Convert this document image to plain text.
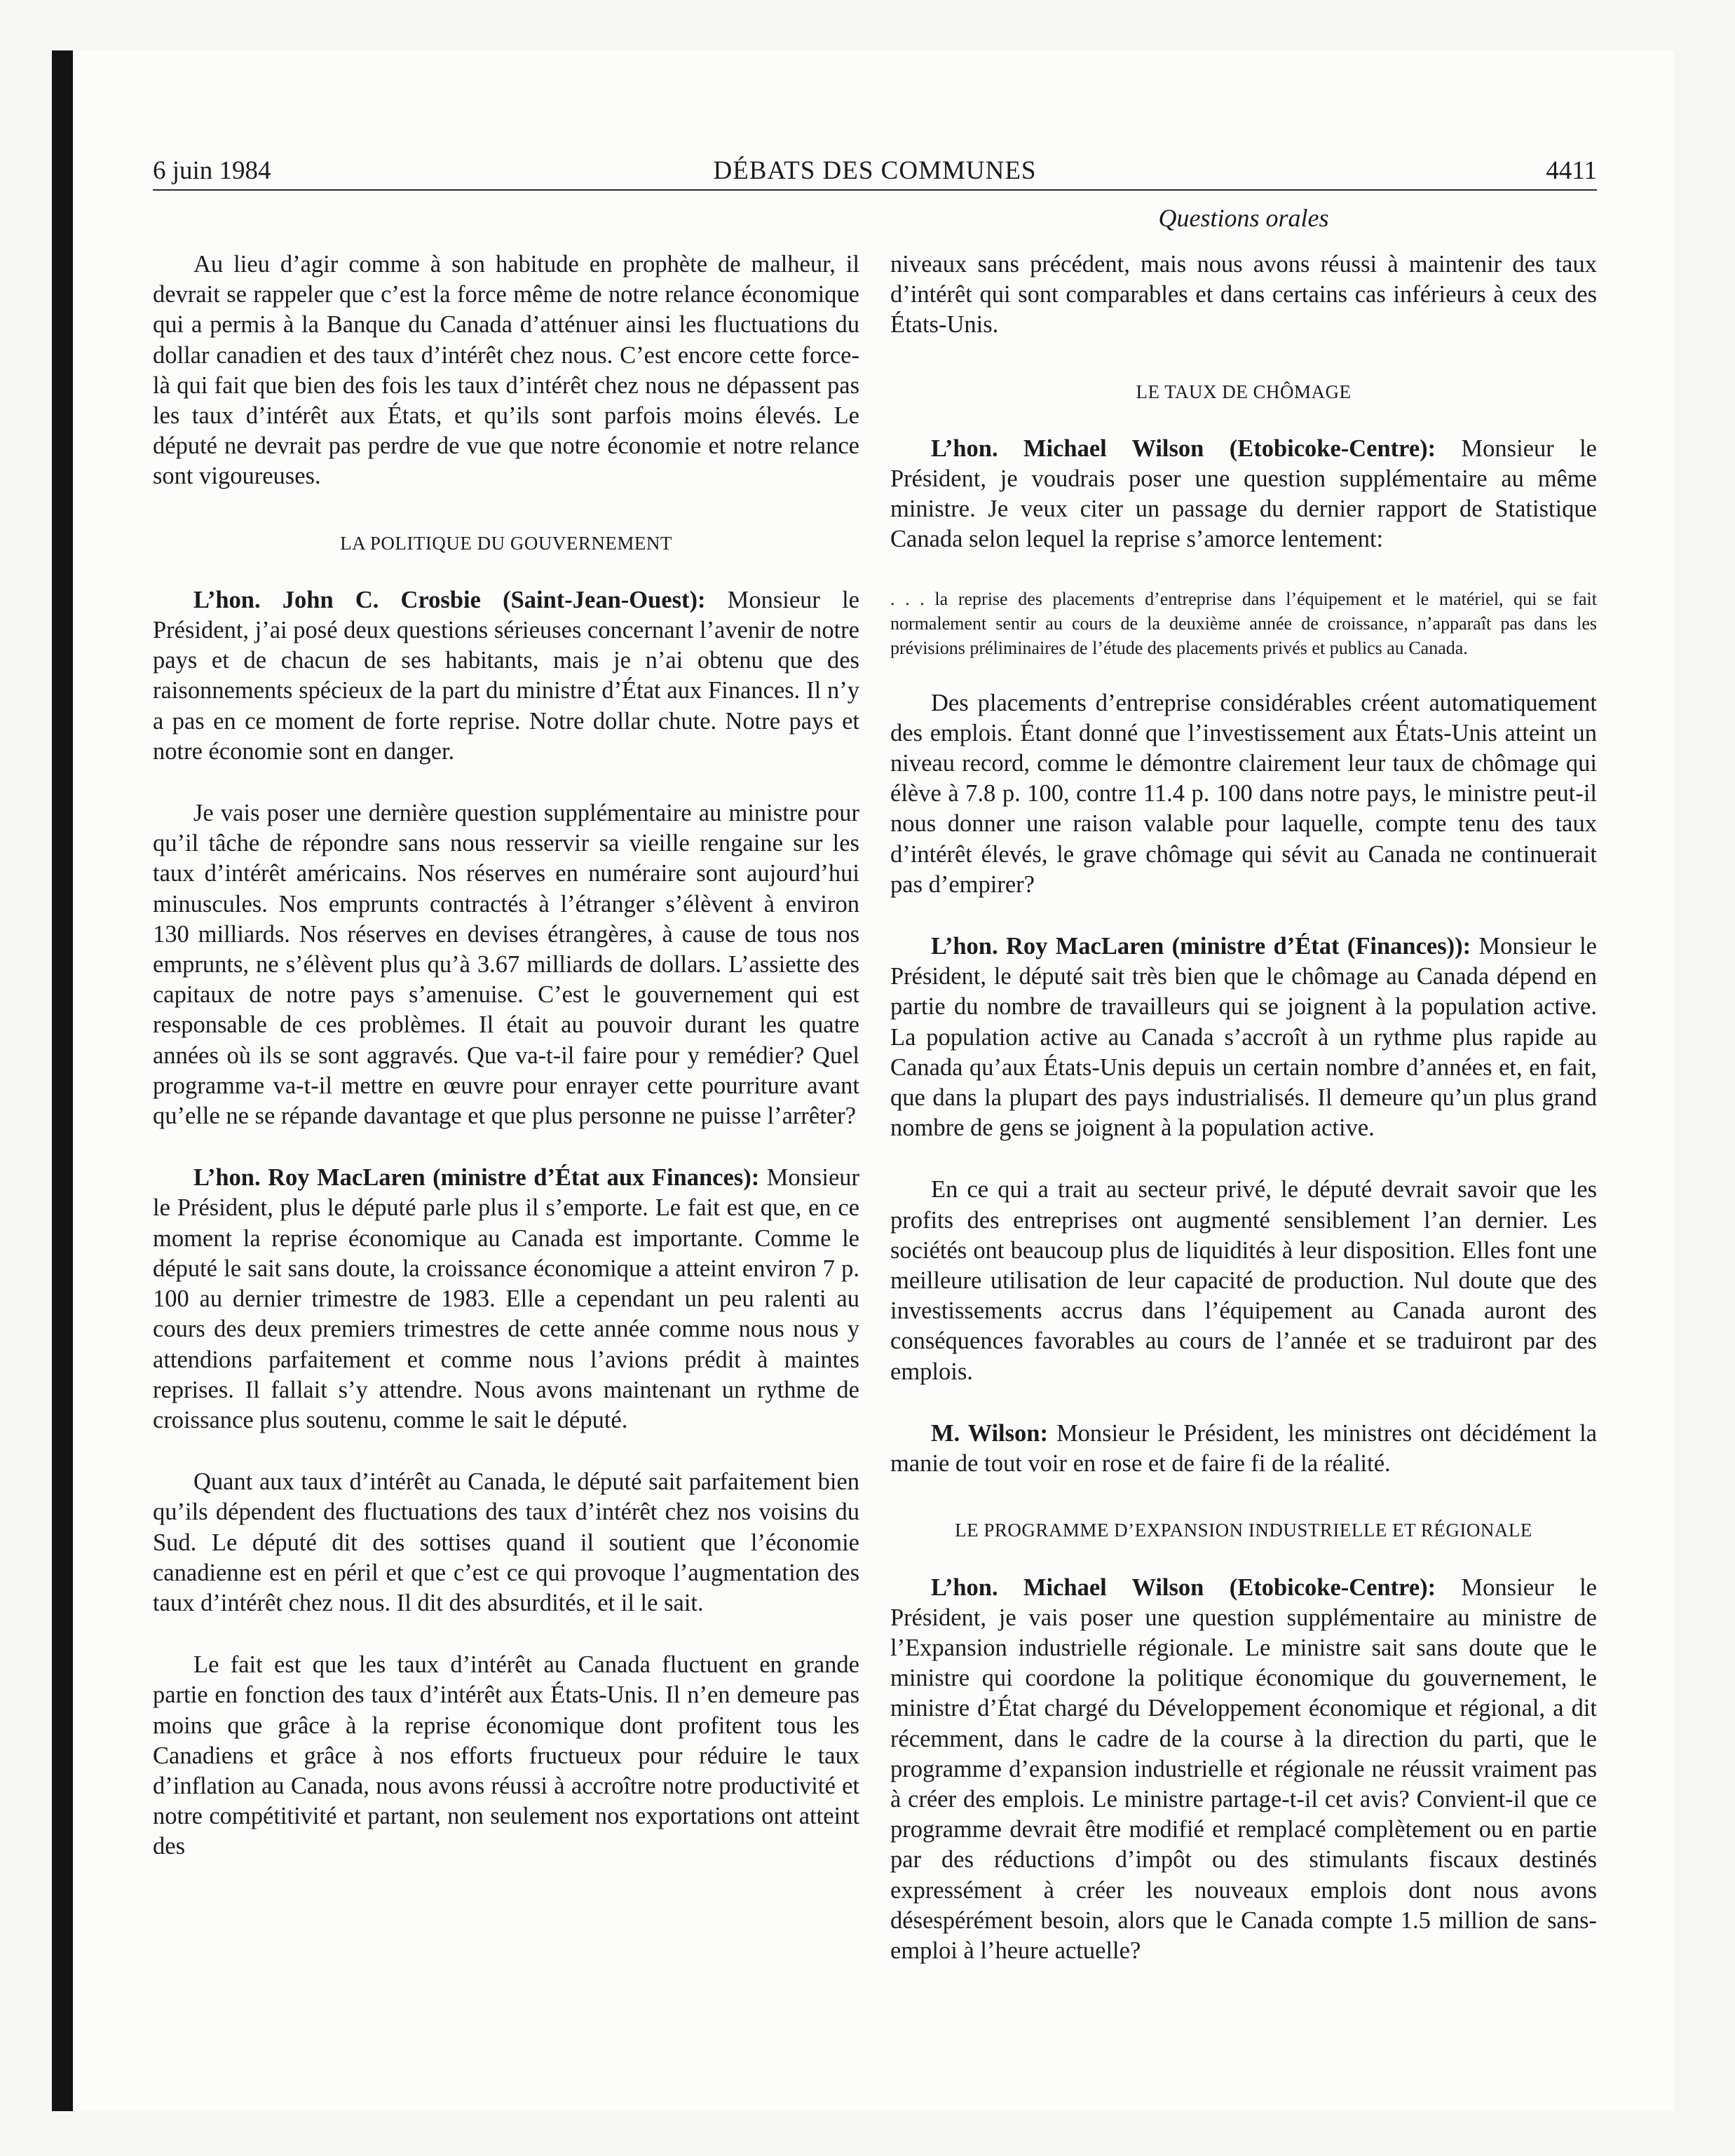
6 juin 1984	DÉBATS DES COMMUNES	4411
Questions orales

Au lieu d’agir comme à son habitude en prophète de malheur, il devrait se rappeler que c’est la force même de notre relance économique qui a permis à la Banque du Canada d’atténuer ainsi les fluctuations du dollar canadien et des taux d’intérêt chez nous. C’est encore cette force-là qui fait que bien des fois les taux d’intérêt chez nous ne dépassent pas les taux d’intérêt aux États, et qu’ils sont parfois moins élevés. Le député ne devrait pas perdre de vue que notre économie et notre relance sont vigoureuses.

LA POLITIQUE DU GOUVERNEMENT

L’hon. John C. Crosbie (Saint-Jean-Ouest): Monsieur le Président, j’ai posé deux questions sérieuses concernant l’avenir de notre pays et de chacun de ses habitants, mais je n’ai obtenu que des raisonnements spécieux de la part du ministre d’État aux Finances. Il n’y a pas en ce moment de forte reprise. Notre dollar chute. Notre pays et notre économie sont en danger.

Je vais poser une dernière question supplémentaire au ministre pour qu’il tâche de répondre sans nous resservir sa vieille rengaine sur les taux d’intérêt américains. Nos réserves en numéraire sont aujourd’hui minuscules. Nos emprunts contractés à l’étranger s’élèvent à environ 130 milliards. Nos réserves en devises étrangères, à cause de tous nos emprunts, ne s’élèvent plus qu’à 3.67 milliards de dollars. L’assiette des capitaux de notre pays s’amenuise. C’est le gouvernement qui est responsable de ces problèmes. Il était au pouvoir durant les quatre années où ils se sont aggravés. Que va-t-il faire pour y remédier? Quel programme va-t-il mettre en œuvre pour enrayer cette pourriture avant qu’elle ne se répande davantage et que plus personne ne puisse l’arrêter?

L’hon. Roy MacLaren (ministre d’État aux Finances): Monsieur le Président, plus le député parle plus il s’emporte. Le fait est que, en ce moment la reprise économique au Canada est importante. Comme le député le sait sans doute, la croissance économique a atteint environ 7 p. 100 au dernier trimestre de 1983. Elle a cependant un peu ralenti au cours des deux premiers trimestres de cette année comme nous nous y attendions parfaitement et comme nous l’avions prédit à maintes reprises. Il fallait s’y attendre. Nous avons maintenant un rythme de croissance plus soutenu, comme le sait le député.

Quant aux taux d’intérêt au Canada, le député sait parfaitement bien qu’ils dépendent des fluctuations des taux d’intérêt chez nos voisins du Sud. Le député dit des sottises quand il soutient que l’économie canadienne est en péril et que c’est ce qui provoque l’augmentation des taux d’intérêt chez nous. Il dit des absurdités, et il le sait.

Le fait est que les taux d’intérêt au Canada fluctuent en grande partie en fonction des taux d’intérêt aux États-Unis. Il n’en demeure pas moins que grâce à la reprise économique dont profitent tous les Canadiens et grâce à nos efforts fructueux pour réduire le taux d’inflation au Canada, nous avons réussi à accroître notre productivité et notre compétitivité et partant, non seulement nos exportations ont atteint des

niveaux sans précédent, mais nous avons réussi à maintenir des taux d’intérêt qui sont comparables et dans certains cas inférieurs à ceux des États-Unis.

LE TAUX DE CHÔMAGE

L’hon. Michael Wilson (Etobicoke-Centre): Monsieur le Président, je voudrais poser une question supplémentaire au même ministre. Je veux citer un passage du dernier rapport de Statistique Canada selon lequel la reprise s’amorce lentement:

. . . la reprise des placements d’entreprise dans l’équipement et le matériel, qui se fait normalement sentir au cours de la deuxième année de croissance, n’apparaît pas dans les prévisions préliminaires de l’étude des placements privés et publics au Canada.

Des placements d’entreprise considérables créent automatiquement des emplois. Étant donné que l’investissement aux États-Unis atteint un niveau record, comme le démontre clairement leur taux de chômage qui élève à 7.8 p. 100, contre 11.4 p. 100 dans notre pays, le ministre peut-il nous donner une raison valable pour laquelle, compte tenu des taux d’intérêt élevés, le grave chômage qui sévit au Canada ne continuerait pas d’empirer?

L’hon. Roy MacLaren (ministre d’État (Finances)): Monsieur le Président, le député sait très bien que le chômage au Canada dépend en partie du nombre de travailleurs qui se joignent à la population active. La population active au Canada s’accroît à un rythme plus rapide au Canada qu’aux États-Unis depuis un certain nombre d’années et, en fait, que dans la plupart des pays industrialisés. Il demeure qu’un plus grand nombre de gens se joignent à la population active.

En ce qui a trait au secteur privé, le député devrait savoir que les profits des entreprises ont augmenté sensiblement l’an dernier. Les sociétés ont beaucoup plus de liquidités à leur disposition. Elles font une meilleure utilisation de leur capacité de production. Nul doute que des investissements accrus dans l’équipement au Canada auront des conséquences favorables au cours de l’année et se traduiront par des emplois.

M. Wilson: Monsieur le Président, les ministres ont décidément la manie de tout voir en rose et de faire fi de la réalité.

LE PROGRAMME D’EXPANSION INDUSTRIELLE ET RÉGIONALE

L’hon. Michael Wilson (Etobicoke-Centre): Monsieur le Président, je vais poser une question supplémentaire au ministre de l’Expansion industrielle régionale. Le ministre sait sans doute que le ministre qui coordone la politique économique du gouvernement, le ministre d’État chargé du Développement économique et régional, a dit récemment, dans le cadre de la course à la direction du parti, que le programme d’expansion industrielle et régionale ne réussit vraiment pas à créer des emplois. Le ministre partage-t-il cet avis? Convient-il que ce programme devrait être modifié et remplacé complètement ou en partie par des réductions d’impôt ou des stimulants fiscaux destinés expressément à créer les nouveaux emplois dont nous avons désespérément besoin, alors que le Canada compte 1.5 million de sans-emploi à l’heure actuelle?
